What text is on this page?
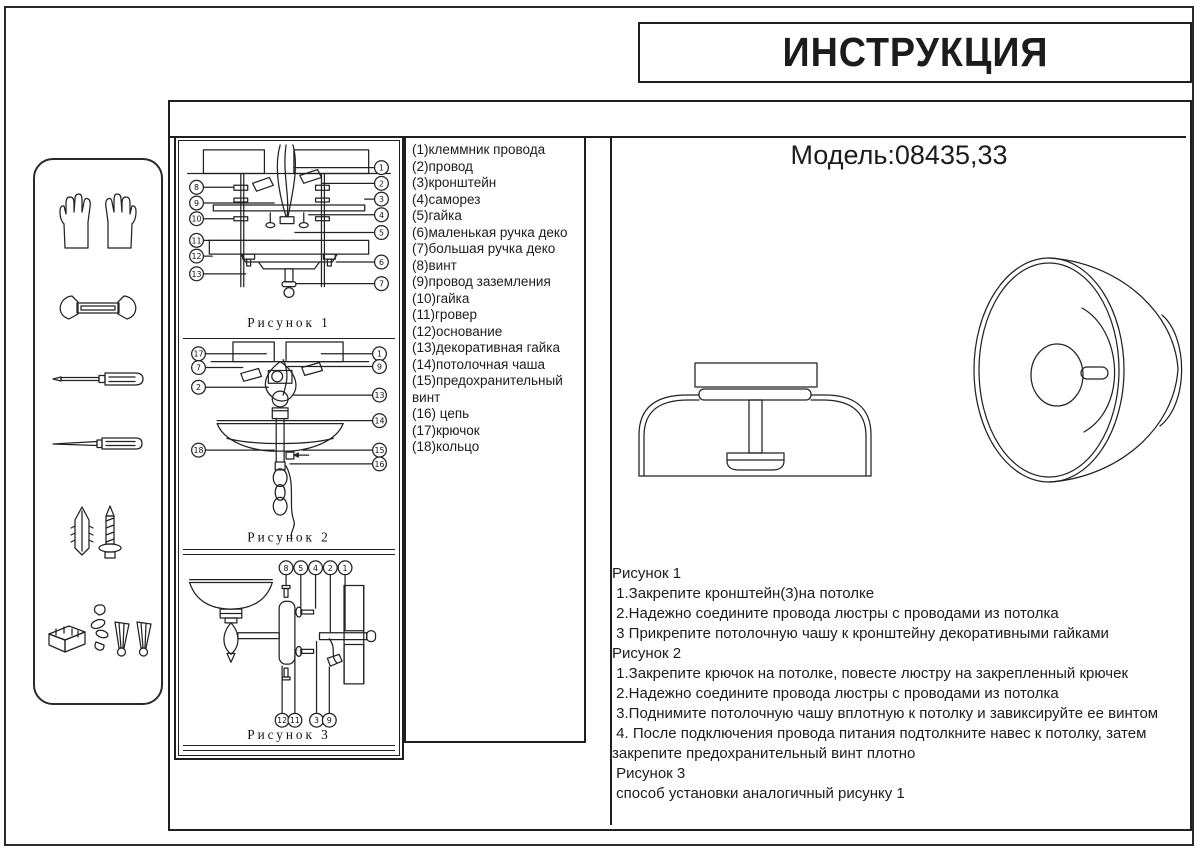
ИНСТРУКЦИЯ
8
9
10
11
12
13
1
2
3
4
5
6
7
Рисунок 1
17
7
2
18
1
9
13
14
15
16
Рисунок 2
8 5 4 2 1
12 11 3 9
Рисунок 3
(1)клеммник провода
(2)провод
(3)кронштейн
(4)саморез
(5)гайка
(6)маленькая ручка деко
(7)большая ручка деко
(8)винт
(9)провод заземления
(10)гайка
(11)гровер
(12)основание
(13)декоративная гайка
(14)потолочная чаша
(15)предохранительный винт
(16) цепь
(17)крючок
(18)кольцо
Модель:08435,33
Рисунок 1
1.Закрепите кронштейн(3)на потолке
2.Надежно соедините провода люстры с проводами из потолка
3 Прикрепите потолочную чашу к кронштейну декоративными гайками
Рисунок 2
1.Закрепите крючок на потолке, повесте люстру на закрепленный крючек
2.Надежно соедините провода люстры с проводами из потолка
3.Поднимите потолочную чашу вплотную к потолку и завиксируйте ее винтом
4. После подключения провода питания подтолкните навес к потолку, затем
закрепите предохранительный винт плотно
Рисунок 3
способ установки аналогичный рисунку 1
